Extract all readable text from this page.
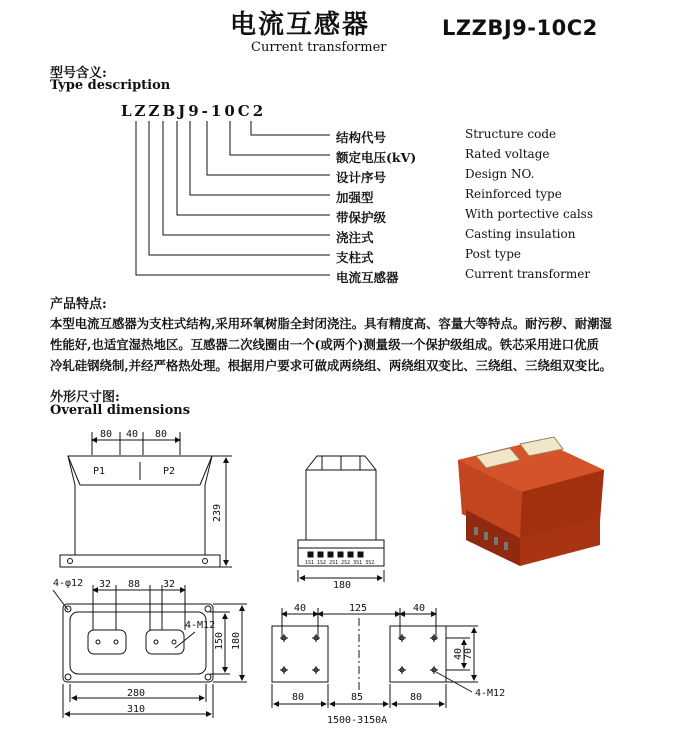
电流互感器
Current transformer
LZZBJ9-10C2
型号含义:
Type description
LZZBJ9-10C2
结构代号	Structure code
额定电压(kV)	Rated voltage
设计序号	Design NO.
加强型	Reinforced type
带保护级	With portective calss
浇注式	Casting insulation
支柱式	Post type
电流互感器	Current transformer
产品特点:
本型电流互感器为支柱式结构,采用环氧树脂全封闭浇注。具有精度高、容量大等特点。耐污秽、耐潮湿
性能好,也适宜湿热地区。互感器二次线圈由一个(或两个)测量级一个保护级组成。铁芯采用进口优质
冷轧硅钢绕制,并经严格热处理。根据用户要求可做成两绕组、两绕组双变比、三绕组、三绕组双变比。
外形尺寸图:
Overall dimensions
80 40 80
P1	P2
239
1S1 1S2 2S1 2S2 3S1 3S2
180
4-φ12 32 88 32
4-M12
150 180
280
310
40	125	40
40 70
4-M12
80	85	80
1500-3150A
